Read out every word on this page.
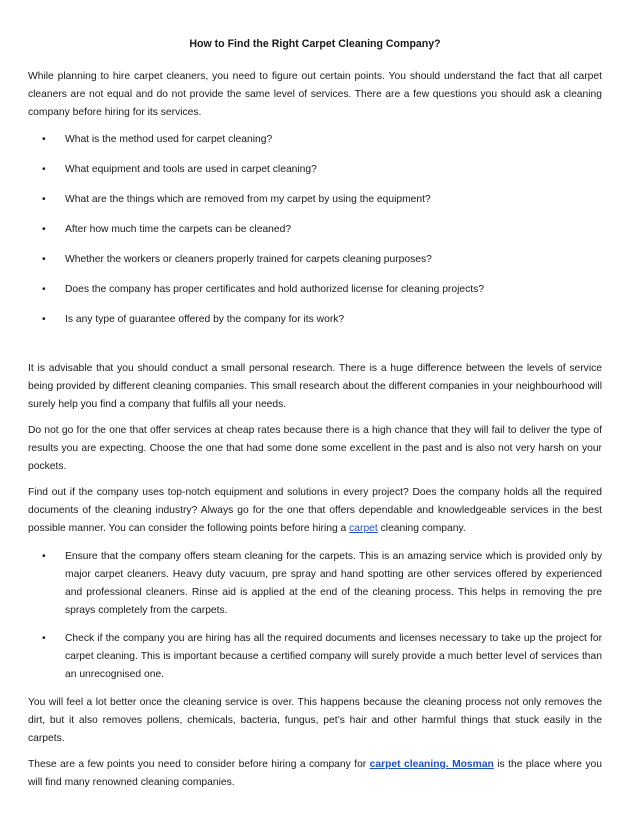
How to Find the Right Carpet Cleaning Company?

While planning to hire carpet cleaners, you need to figure out certain points. You should understand the fact that all carpet cleaners are not equal and do not provide the same level of services. There are a few questions you should ask a cleaning company before hiring for its services.

• What is the method used for carpet cleaning?
• What equipment and tools are used in carpet cleaning?
• What are the things which are removed from my carpet by using the equipment?
• After how much time the carpets can be cleaned?
• Whether the workers or cleaners properly trained for carpets cleaning purposes?
• Does the company has proper certificates and hold authorized license for cleaning projects?
• Is any type of guarantee offered by the company for its work?

It is advisable that you should conduct a small personal research. There is a huge difference between the levels of service being provided by different cleaning companies. This small research about the different companies in your neighbourhood will surely help you find a company that fulfils all your needs.

Do not go for the one that offer services at cheap rates because there is a high chance that they will fail to deliver the type of results you are expecting. Choose the one that had some done some excellent in the past and is also not very harsh on your pockets.

Find out if the company uses top-notch equipment and solutions in every project? Does the company holds all the required documents of the cleaning industry? Always go for the one that offers dependable and knowledgeable services in the best possible manner. You can consider the following points before hiring a carpet cleaning company.

• Ensure that the company offers steam cleaning for the carpets. This is an amazing service which is provided only by major carpet cleaners. Heavy duty vacuum, pre spray and hand spotting are other services offered by experienced and professional cleaners. Rinse aid is applied at the end of the cleaning process. This helps in removing the pre sprays completely from the carpets.
• Check if the company you are hiring has all the required documents and licenses necessary to take up the project for carpet cleaning. This is important because a certified company will surely provide a much better level of services than an unrecognised one.

You will feel a lot better once the cleaning service is over. This happens because the cleaning process not only removes the dirt, but it also removes pollens, chemicals, bacteria, fungus, pet’s hair and other harmful things that stuck easily in the carpets.

These are a few points you need to consider before hiring a company for carpet cleaning. Mosman is the place where you will find many renowned cleaning companies.
